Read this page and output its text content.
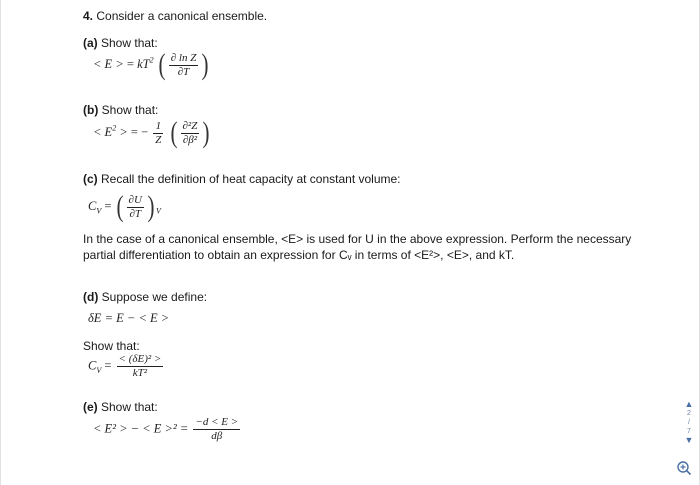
4. Consider a canonical ensemble.
(a) Show that:
< E > = $kT^2$ ( $\frac{\text{∂ ln Z}}{\partial T}$ )
(b) Show that:
< $E^2$ > = − $\frac{1}{Z}$ ( $\frac{\text{∂²Z}}{\text{∂β²}}$ )
(c) Recall the definition of heat capacity at constant volume:
$C_V$ = ( $\frac{\partial U}{\partial T}$ ) $_V$
In the case of a canonical ensemble, <E> is used for U in the above expression. Perform the necessary partial differentiation to obtain an expression for Cᵥ in terms of <E²>, <E>, and kT.
(d) Suppose we define:
δE = E − < E >
Show that:
$C_V = \frac{\text{< (δE)² >}}{\text{kT²}}$
(e) Show that:
< E² > − < $E >^2 = \frac{-d < E >}{d\beta}$
▲
2
/
7
▼
